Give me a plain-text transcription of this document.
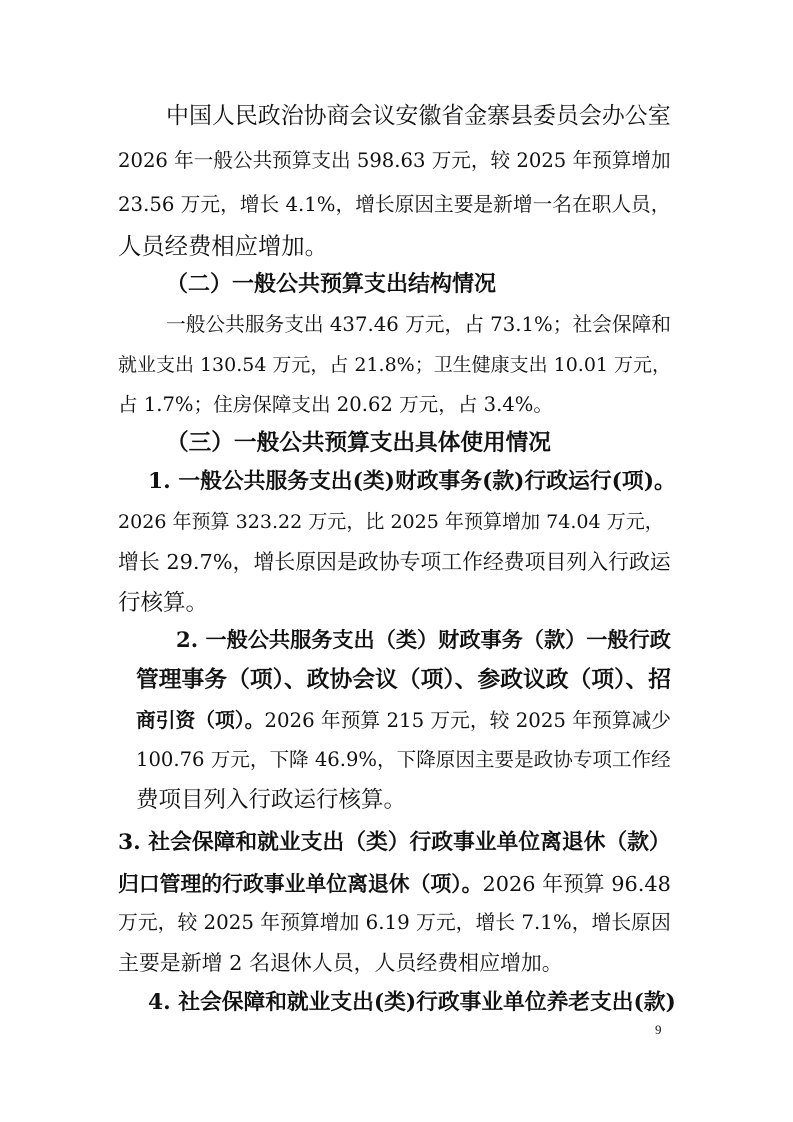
中国人民政治协商会议安徽省金寨县委员会办公室
2026 年一般公共预算支出 598.63 万元，较 2025 年预算增加
23.56 万元，增长 4.1%，增长原因主要是新增一名在职人员，
人员经费相应增加。
（二）一般公共预算支出结构情况
一般公共服务支出 437.46 万元，占 73.1%；社会保障和
就业支出 130.54 万元，占 21.8%；卫生健康支出 10.01 万元，
占 1.7%；住房保障支出 20.62 万元，占 3.4%。
（三）一般公共预算支出具体使用情况
1. 一般公共服务支出(类)财政事务(款)行政运行(项)。
2026 年预算 323.22 万元，比 2025 年预算增加 74.04 万元，
增长 29.7%，增长原因是政协专项工作经费项目列入行政运
行核算。
2. 一般公共服务支出（类）财政事务（款）一般行政
管理事务（项）、政协会议（项）、参政议政（项）、招
商引资（项）。2026 年预算 215 万元，较 2025 年预算减少
100.76 万元，下降 46.9%，下降原因主要是政协专项工作经
费项目列入行政运行核算。
3. 社会保障和就业支出（类）行政事业单位离退休（款）
归口管理的行政事业单位离退休（项）。2026 年预算 96.48
万元，较 2025 年预算增加 6.19 万元，增长 7.1%，增长原因
主要是新增 2 名退休人员，人员经费相应增加。
4. 社会保障和就业支出(类)行政事业单位养老支出(款)
9
